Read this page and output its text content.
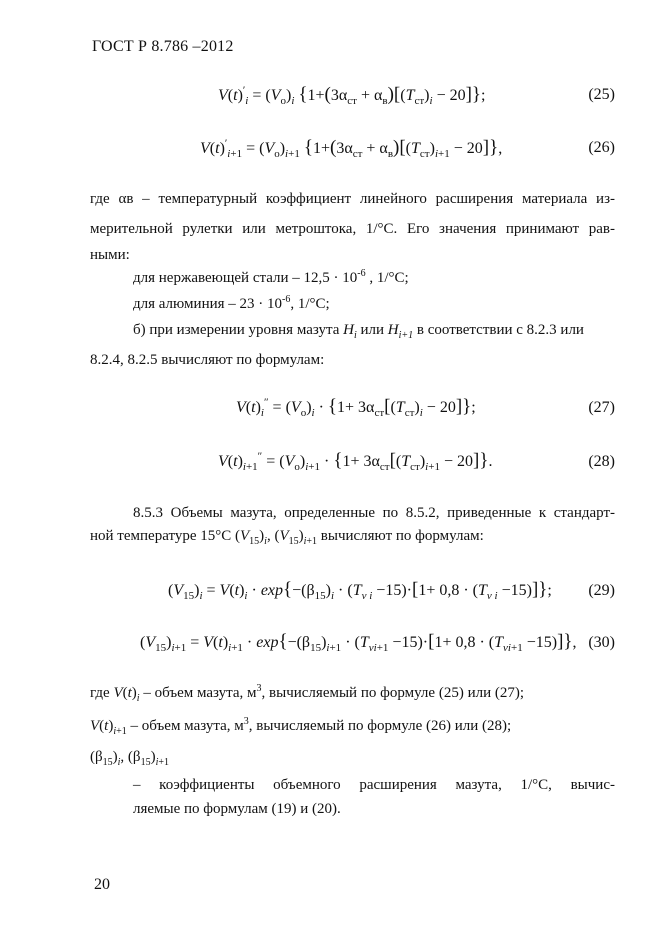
ГОСТ Р 8.786 –2012
$V(t)'_i = (V_o)_i$ $\{1+(3\alpha_{ст} + \alpha_в)[(T_{ст})_i - 20]\}$;	(25)
$V(t)'_{i+1} = (V_o)_{i+1}$ $\{1+(3\alpha_{ст} + \alpha_в)[(T_{ст})_{i+1} - 20]\}$,	(26)
где αв – температурный коэффициент линейного расширения материала из-
мерительной рулетки или метроштока, 1/°С. Его значения принимают рав-
ными:
для нержавеющей стали – $12,5 \cdot 10^{-6}$ , 1/°С;
для алюминия – $23 \cdot 10^{-6}$, 1/°С;
б) при измерении уровня мазута $H_i$ или $H_{i+1}$ в соответствии с 8.2.3 или
8.2.4, 8.2.5 вычисляют по формулам:
$V(t)_i'' = (V_o)_i \cdot \{1+ 3\alpha_{ст}[(T_{ст})_i - 20]\}$;	(27)
$V(t)_{i+1}'' = (V_o)_{i+1} \cdot \{1+ 3\alpha_{ст}[(T_{ст})_{i+1} - 20]\}$.	(28)
8.5.3 Объемы мазута, определенные по 8.5.2, приведенные к стандарт-
ной температуре 15°С $(V_{15})_i$, $(V_{15})_{i+1}$ вычисляют по формулам:
$(V_{15})_i = V(t)_i \cdot \exp\{-(\beta_{15})_i \cdot (T_{v i} -15)\cdot[1+ 0,8 \cdot (T_{v i} -15)]\}$; (29)
$(V_{15})_{i+1} = V(t)_{i+1} \cdot \exp\{-(\beta_{15})_{i+1} \cdot (T_{vi+1} -15)\cdot[1+ 0,8 \cdot (T_{vi+1} -15)]\}$, (30)
где $V(t)_i$ – объем мазута, $м^3$, вычисляемый по формуле (25) или (27);
$V(t)_{i+1}$ – объем мазута, $м^3$, вычисляемый по формуле (26) или (28);
$(\beta_{15})_i$, $(\beta_{15})_{i+1}$
– коэффициенты объемного расширения мазута, 1/°С, вычис-
ляемые по формулам (19) и (20).
20
